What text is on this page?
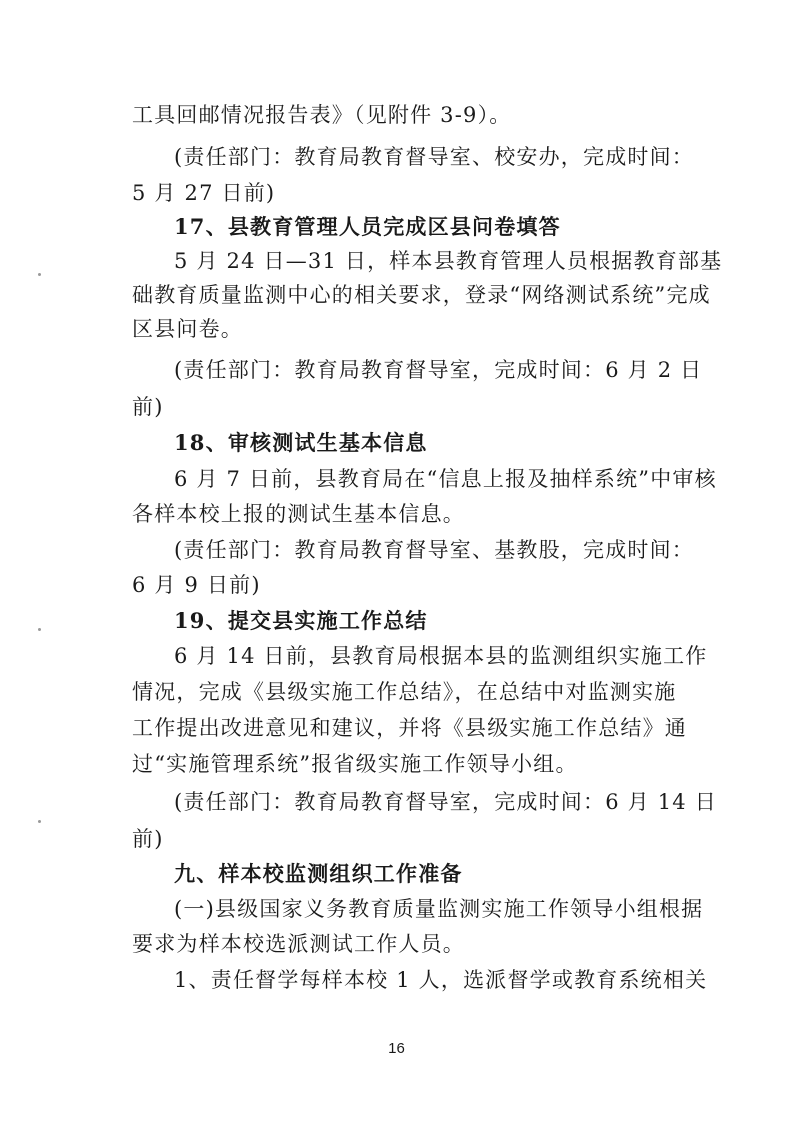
工具回邮情况报告表》（见附件 3-9）。
(责任部门：教育局教育督导室、校安办，完成时间：
5 月 27 日前)
17、县教育管理人员完成区县问卷填答
5 月 24 日—31 日，样本县教育管理人员根据教育部基
础教育质量监测中心的相关要求，登录“网络测试系统”完成
区县问卷。
(责任部门：教育局教育督导室，完成时间：6 月 2 日
前)
18、审核测试生基本信息
6 月 7 日前，县教育局在“信息上报及抽样系统”中审核
各样本校上报的测试生基本信息。
(责任部门：教育局教育督导室、基教股，完成时间：
6 月 9 日前)
19、提交县实施工作总结
6 月 14 日前，县教育局根据本县的监测组织实施工作
情况，完成《县级实施工作总结》，在总结中对监测实施
工作提出改进意见和建议，并将《县级实施工作总结》通
过“实施管理系统”报省级实施工作领导小组。
(责任部门：教育局教育督导室，完成时间：6 月 14 日
前)
九、样本校监测组织工作准备
(一)县级国家义务教育质量监测实施工作领导小组根据
要求为样本校选派测试工作人员。
1、责任督学每样本校 1 人，选派督学或教育系统相关
16
